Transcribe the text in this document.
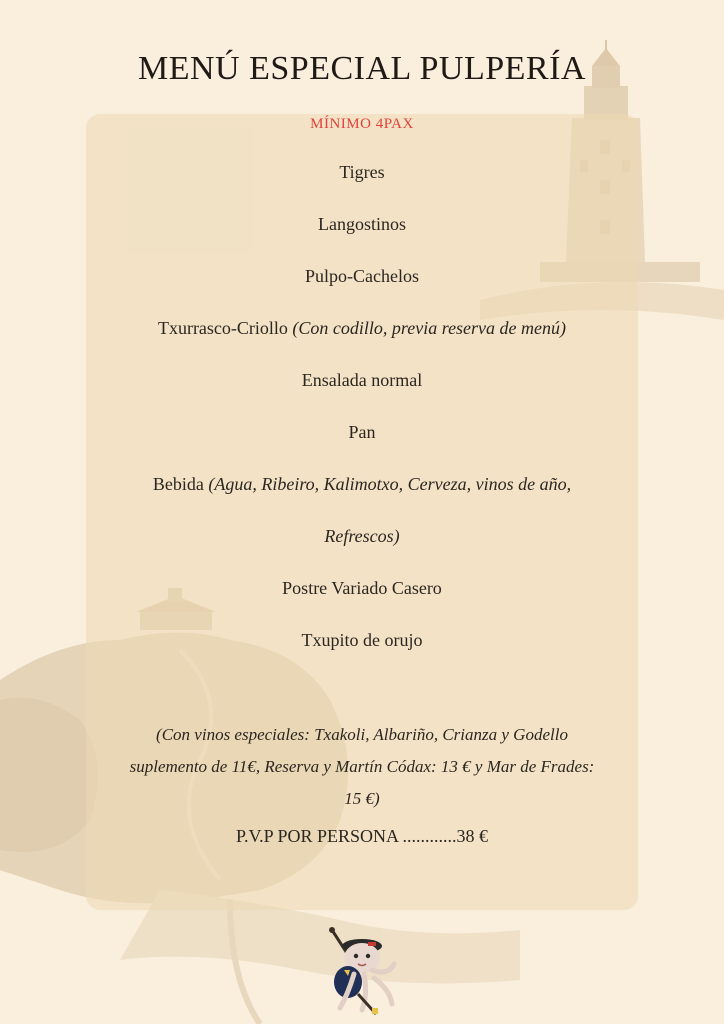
MENÚ ESPECIAL PULPERÍA
MÍNIMO 4PAX
Tigres
Langostinos
Pulpo-Cachelos
Txurrasco-Criollo (Con codillo, previa reserva de menú)
Ensalada normal
Pan
Bebida (Agua, Ribeiro, Kalimotxo, Cerveza, vinos de año,
Refrescos)
Postre Variado Casero
Txupito de orujo
(Con vinos especiales: Txakoli, Albariño, Crianza y Godello
suplemento de 11€, Reserva y Martín Códax: 13 € y Mar de Frades:
15 €)
P.V.P POR PERSONA ............38 €
